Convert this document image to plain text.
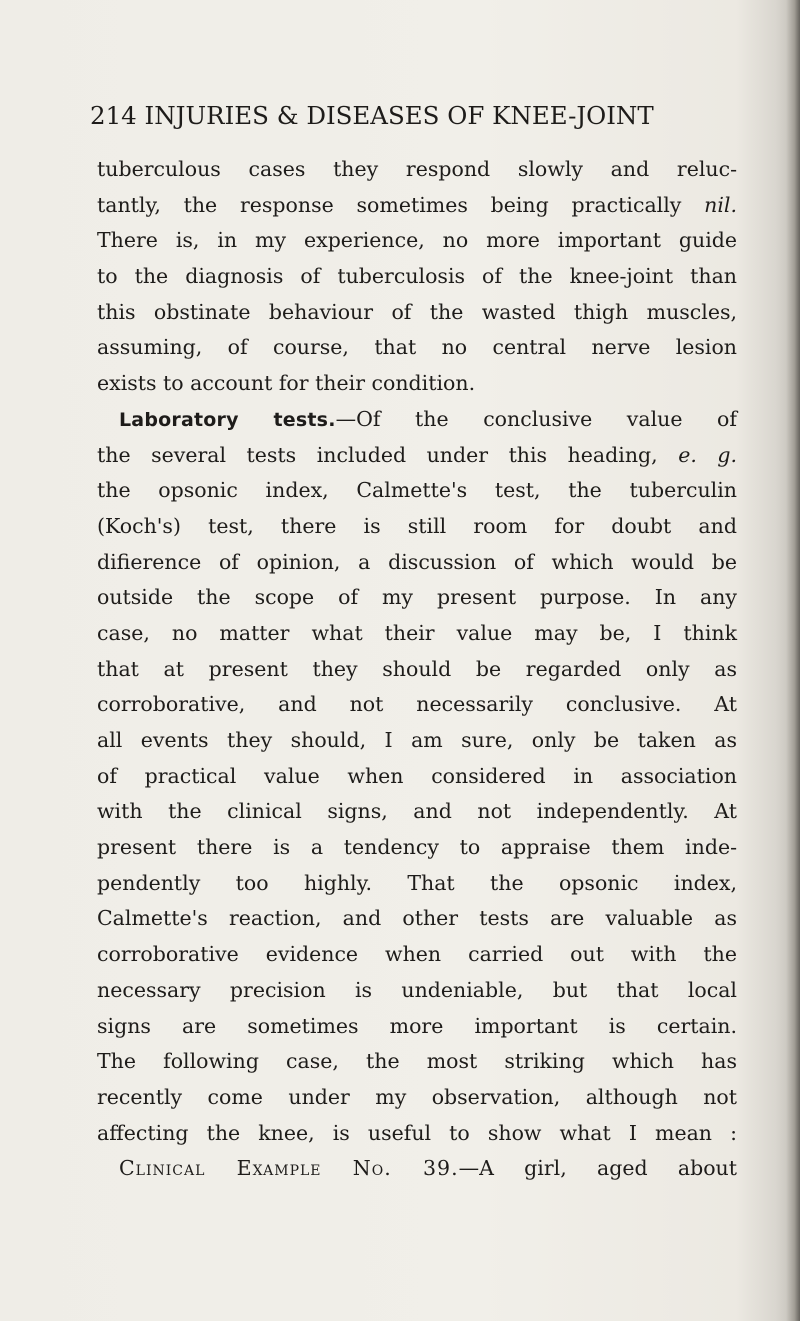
214 INJURIES & DISEASES OF KNEE-JOINT
tuberculous cases they respond slowly and reluc-
tantly, the response sometimes being practically nil.
There is, in my experience, no more important guide
to the diagnosis of tuberculosis of the knee-joint than
this obstinate behaviour of the wasted thigh muscles,
assuming, of course, that no central nerve lesion
exists to account for their condition.
Laboratory tests.—Of the conclusive value of
the several tests included under this heading, e. g.
the opsonic index, Calmette's test, the tuberculin
(Koch's) test, there is still room for doubt and
difierence of opinion, a discussion of which would be
outside the scope of my present purpose. In any
case, no matter what their value may be, I think
that at present they should be regarded only as
corroborative, and not necessarily conclusive. At
all events they should, I am sure, only be taken as
of practical value when considered in association
with the clinical signs, and not independently. At
present there is a tendency to appraise them inde-
pendently too highly. That the opsonic index,
Calmette's reaction, and other tests are valuable as
corroborative evidence when carried out with the
necessary precision is undeniable, but that local
signs are sometimes more important is certain.
The following case, the most striking which has
recently come under my observation, although not
affecting the knee, is useful to show what I mean :
Clinical Example No. 39.—A girl, aged about
